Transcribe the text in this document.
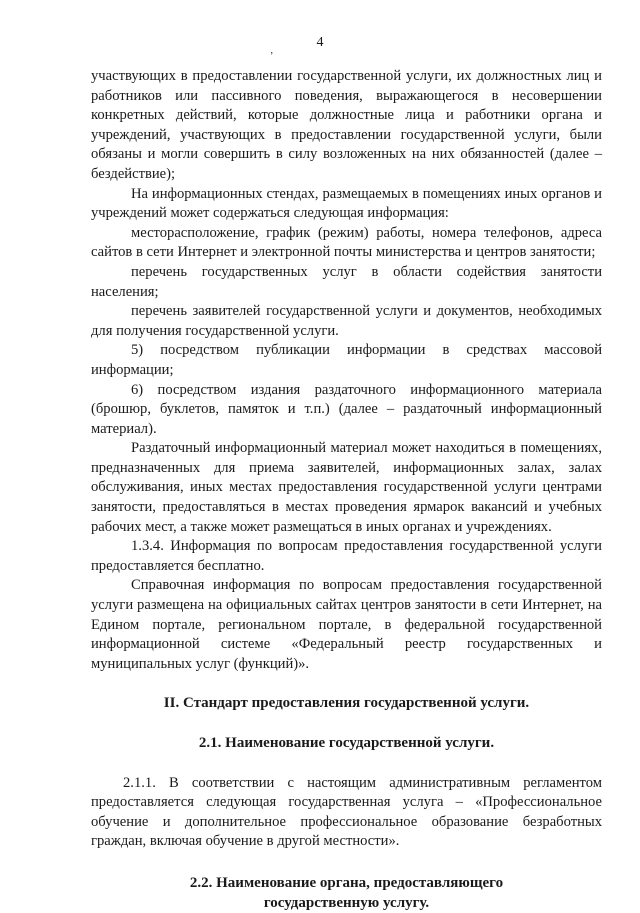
4
’

участвующих в предоставлении государственной услуги, их должностных лиц и работников или пассивного поведения, выражающегося в несовершении конкретных действий, которые должностные лица и работники органа и учреждений, участвующих в предоставлении государственной услуги, были обязаны и могли совершить в силу возложенных на них обязанностей (далее – бездействие);

На информационных стендах, размещаемых в помещениях иных органов и учреждений может содержаться следующая информация:

месторасположение, график (режим) работы, номера телефонов, адреса сайтов в сети Интернет и электронной почты министерства и центров занятости;

перечень государственных услуг в области содействия занятости населения;

перечень заявителей государственной услуги и документов, необходимых для получения государственной услуги.

5) посредством публикации информации в средствах массовой информации;

6) посредством издания раздаточного информационного материала (брошюр, буклетов, памяток и т.п.) (далее – раздаточный информационный материал).

Раздаточный информационный материал может находиться в помещениях, предназначенных для приема заявителей, информационных залах, залах обслуживания, иных местах предоставления государственной услуги центрами занятости, предоставляться в местах проведения ярмарок вакансий и учебных рабочих мест, а также может размещаться в иных органах и учреждениях.

1.3.4. Информация по вопросам предоставления государственной услуги предоставляется бесплатно.

Справочная информация по вопросам предоставления государственной услуги размещена на официальных сайтах центров занятости в сети Интернет, на Едином портале, региональном портале, в федеральной государственной информационной системе «Федеральный реестр государственных и муниципальных услуг (функций)».

II. Стандарт предоставления государственной услуги.
2.1. Наименование государственной услуги.

2.1.1. В соответствии с настоящим административным регламентом предоставляется следующая государственная услуга – «Профессиональное обучение и дополнительное профессиональное образование безработных граждан, включая обучение в другой местности».

2.2. Наименование органа, предоставляющего
государственную услугу.
